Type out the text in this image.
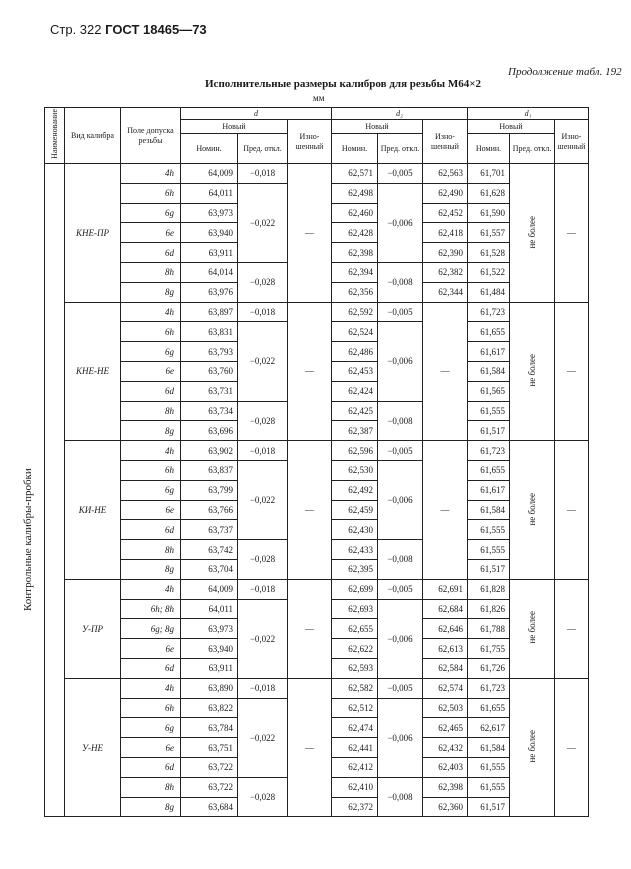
Стр. 322 ГОСТ 18465—73
Продолжение табл. 192
Исполнительные размеры калибров для резьбы М64×2
мм
Контрольные калибры-пробки
Наименование	Вид калибра	Поле допуска резьбы	d			d₂			d₁		
			Новый		Изно-шенный	Новый		Изно-шенный	Новый		Изно-шенный
			Номин.	Пред. откл.		Номин.	Пред. откл.		Номин.	Пред. откл.	
	КНЕ-ПР	4h	64,009	−0,018	—	62,571	−0,005	62,563	61,701	не более	—
		6h	64,011	−0,022		62,498	−0,006	62,490	61,628		
		6g	63,973			62,460		62,452	61,590		
		6e	63,940			62,428		62,418	61,557		
		6d	63,911			62,398		62,390	61,528		
		8h	64,014	−0,028		62,394	−0,008	62,382	61,522		
		8g	63,976			62,356		62,344	61,484		
	КНЕ-НЕ	4h	63,897	−0,018	—	62,592	−0,005	—	61,723	не более	—
		6h	63,831	−0,022		62,524	−0,006		61,655		
		6g	63,793			62,486			61,617		
		6e	63,760			62,453			61,584		
		6d	63,731			62,424			61,565		
		8h	63,734	−0,028		62,425	−0,008		61,555		
		8g	63,696			62,387			61,517		
	КИ-НЕ	4h	63,902	−0,018	—	62,596	−0,005	—	61,723	не более	—
		6h	63,837	−0,022		62,530	−0,006		61,655		
		6g	63,799			62,492			61,617		
		6e	63,766			62,459			61,584		
		6d	63,737			62,430			61,555		
		8h	63,742	−0,028		62,433	−0,008		61,555		
		8g	63,704			62,395			61,517		
	У-ПР	4h	64,009	−0,018	—	62,699	−0,005	62,691	61,828	не более	—
		6h; 8h	64,011	−0,022		62,693	−0,006	62,684	61,826		
		6g; 8g	63,973			62,655		62,646	61,788		
		6e	63,940			62,622		62,613	61,755		
		6d	63,911			62,593		62,584	61,726		
	У-НЕ	4h	63,890	−0,018	—	62,582	−0,005	62,574	61,723	не более	—
		6h	63,822	−0,022		62,512	−0,006	62,503	61,655		
		6g	63,784			62,474		62,465	62,617		
		6e	63,751			62,441		62,432	61,584		
		6d	63,722			62,412		62,403	61,555		
		8h	63,722	−0,028		62,410	−0,008	62,398	61,555		
		8g	63,684			62,372		62,360	61,517		
